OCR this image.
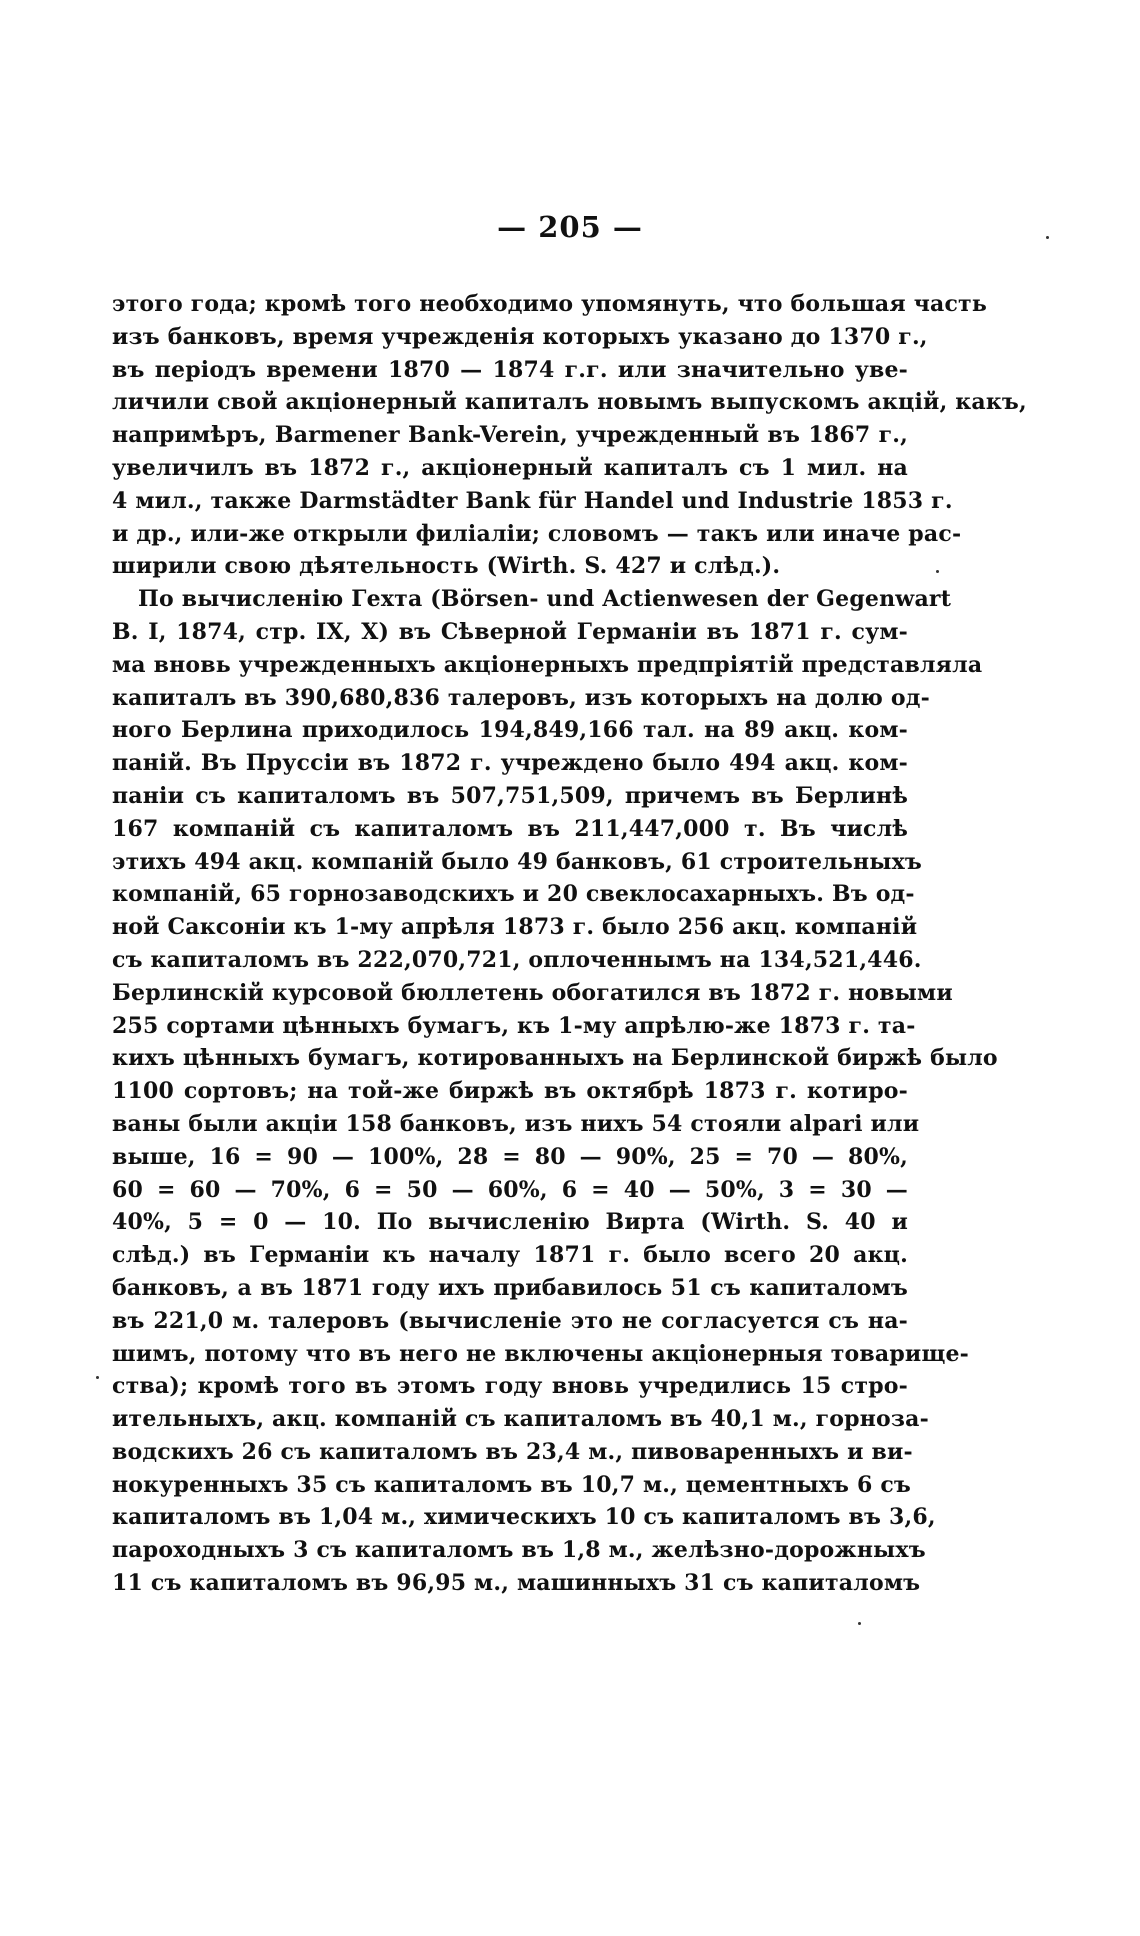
— 205 —
этого года; кромѣ того необходимо упомянуть, что большая часть
изъ банковъ, время учрежденія которыхъ указано до 1370 г.,
въ періодъ времени 1870 — 1874 г.г. или значительно уве-
личили свой акціонерный капиталъ новымъ выпускомъ акцій, какъ,
напримѣръ, Barmener Bank-Verein, учрежденный въ 1867 г.,
увеличилъ въ 1872 г., акціонерный капиталъ съ 1 мил. на
4 мил., также Darmstädter Bank für Handel und Industrie 1853 г.
и др., или-же открыли филіаліи; словомъ — такъ или иначе рас-
ширили свою дѣятельность (Wirth. S. 427 и слѣд.).
По вычисленію Гехта (Börsen- und Actienwesen der Gegenwart
B. I, 1874, стр. IX, X) въ Сѣверной Германіи въ 1871 г. сум-
ма вновь учрежденныхъ акціонерныхъ предпріятій представляла
капиталъ въ 390,680,836 талеровъ, изъ которыхъ на долю од-
ного Берлина приходилось 194,849,166 тал. на 89 акц. ком-
паній. Въ Пруссіи въ 1872 г. учреждено было 494 акц. ком-
паніи съ капиталомъ въ 507,751,509, причемъ въ Берлинѣ
167 компаній съ капиталомъ въ 211,447,000 т. Въ числѣ
этихъ 494 акц. компаній было 49 банковъ, 61 строительныхъ
компаній, 65 горнозаводскихъ и 20 свеклосахарныхъ. Въ од-
ной Саксоніи къ 1-му апрѣля 1873 г. было 256 акц. компаній
съ капиталомъ въ 222,070,721, оплоченнымъ на 134,521,446.
Берлинскій курсовой бюллетень обогатился въ 1872 г. новыми
255 сортами цѣнныхъ бумагъ, къ 1-му апрѣлю-же 1873 г. та-
кихъ цѣнныхъ бумагъ, котированныхъ на Берлинской биржѣ было
1100 сортовъ; на той-же биржѣ въ октябрѣ 1873 г. котиро-
ваны были акціи 158 банковъ, изъ нихъ 54 стояли alpari или
выше, 16 = 90 — 100%, 28 = 80 — 90%, 25 = 70 — 80%,
60 = 60 — 70%, 6 = 50 — 60%, 6 = 40 — 50%, 3 = 30 —
40%, 5 = 0 — 10. По вычисленію Вирта (Wirth. S. 40 и
слѣд.) въ Германіи къ началу 1871 г. было всего 20 акц.
банковъ, а въ 1871 году ихъ прибавилось 51 съ капиталомъ
въ 221,0 м. талеровъ (вычисленіе это не согласуется съ на-
шимъ, потому что въ него не включены акціонерныя товарище-
ства); кромѣ того въ этомъ году вновь учредились 15 стро-
ительныхъ, акц. компаній съ капиталомъ въ 40,1 м., горноза-
водскихъ 26 съ капиталомъ въ 23,4 м., пивоваренныхъ и ви-
нокуренныхъ 35 съ капиталомъ въ 10,7 м., цементныхъ 6 съ
капиталомъ въ 1,04 м., химическихъ 10 съ капиталомъ въ 3,6,
пароходныхъ 3 съ капиталомъ въ 1,8 м., желѣзно-дорожныхъ
11 съ капиталомъ въ 96,95 м., машинныхъ 31 съ капиталомъ
